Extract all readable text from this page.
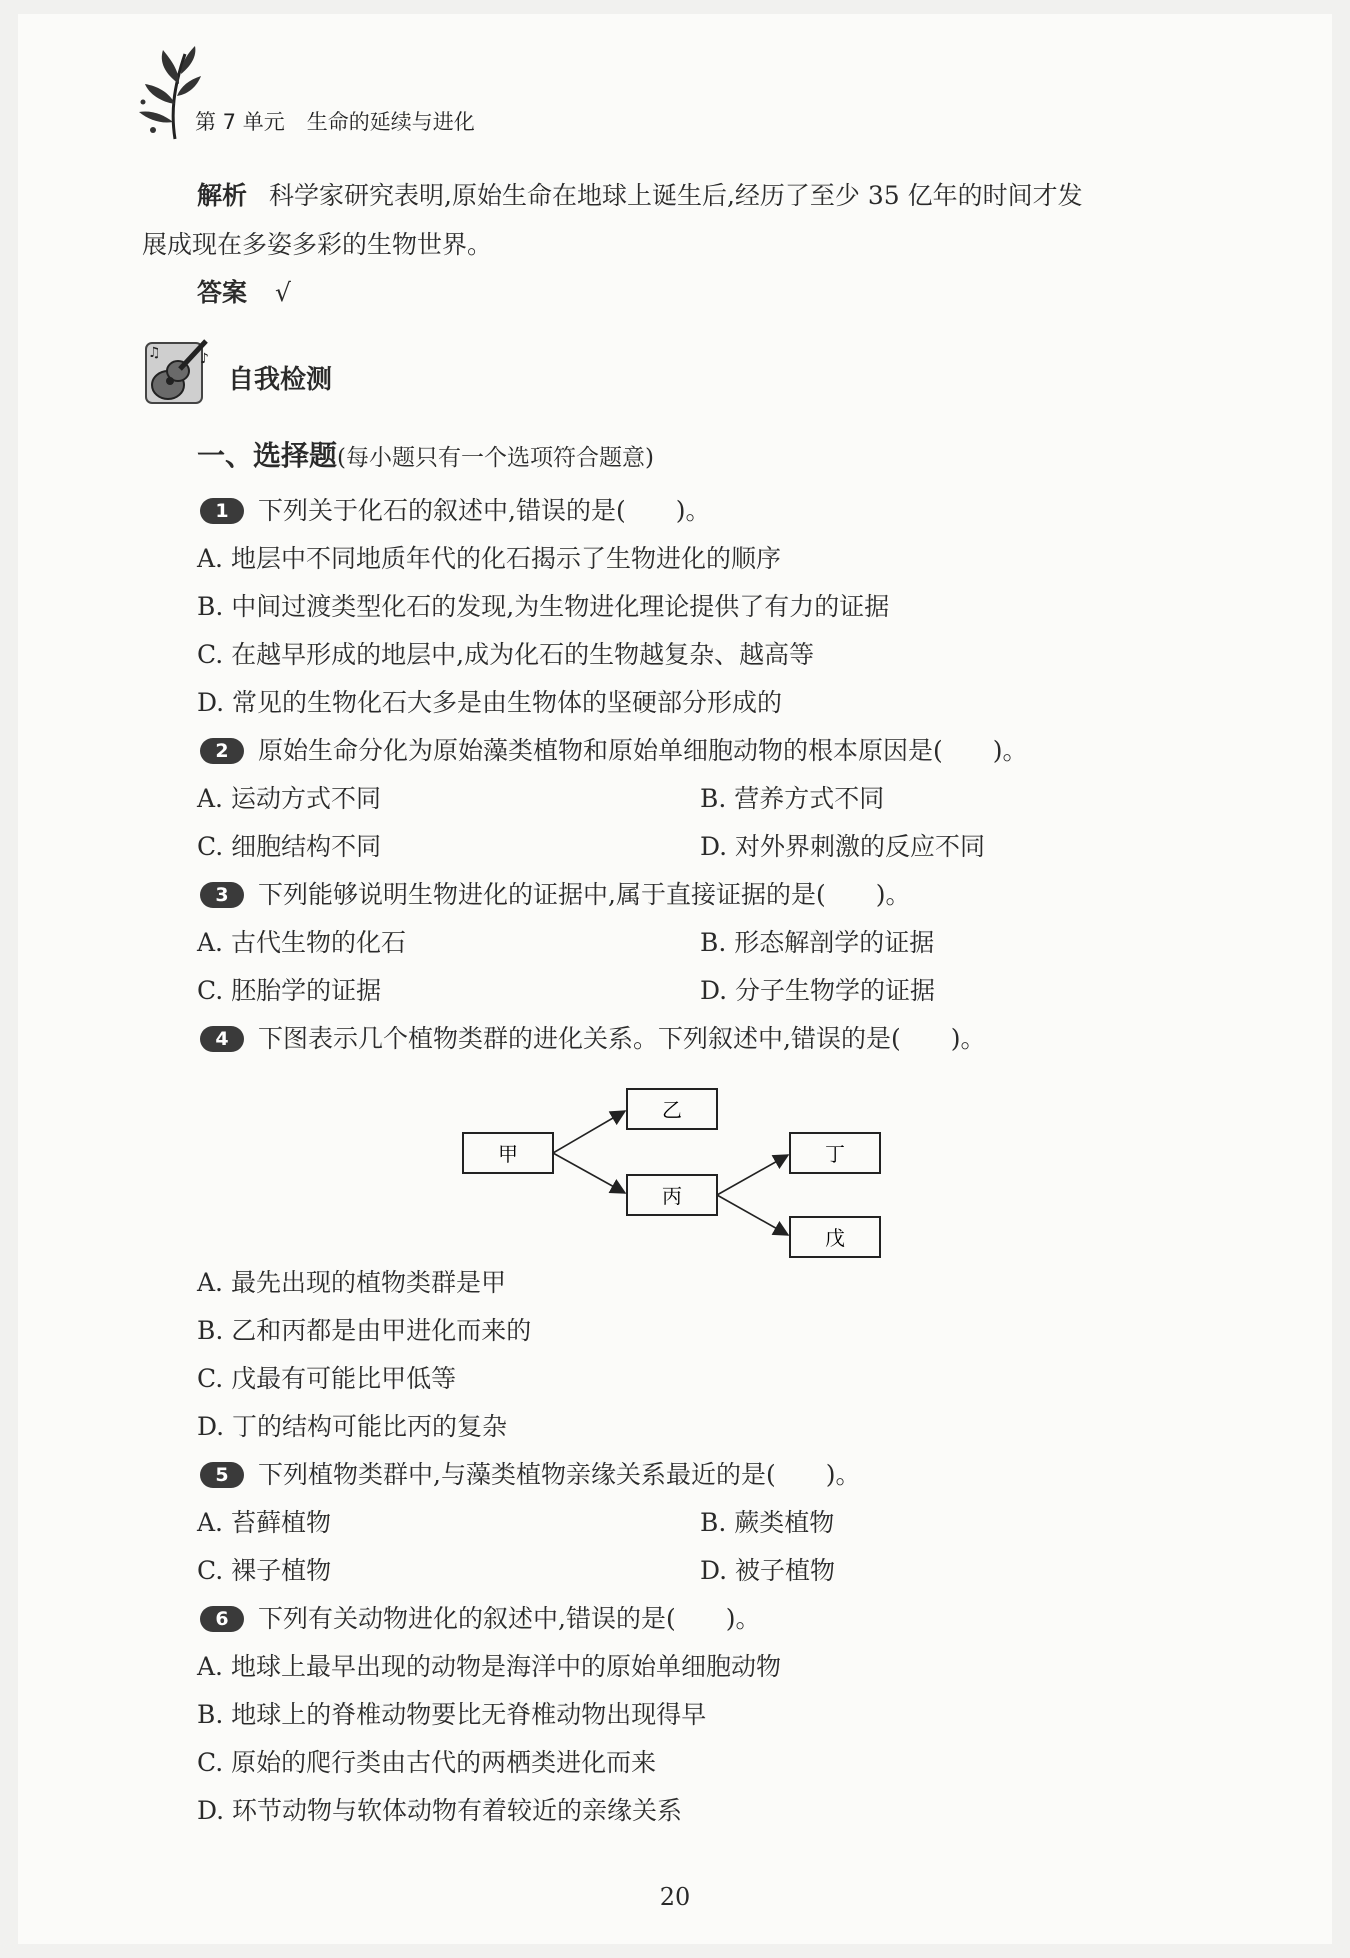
第 7 单元 生命的延续与进化
解析 科学家研究表明,原始生命在地球上诞生后,经历了至少 35 亿年的时间才发
展成现在多姿多彩的生物世界。
答案 √
♪
♫
自我检测
一、选择题(每小题只有一个选项符合题意)
1 下列关于化石的叙述中,错误的是(　　)。
A. 地层中不同地质年代的化石揭示了生物进化的顺序
B. 中间过渡类型化石的发现,为生物进化理论提供了有力的证据
C. 在越早形成的地层中,成为化石的生物越复杂、越高等
D. 常见的生物化石大多是由生物体的坚硬部分形成的
2 原始生命分化为原始藻类植物和原始单细胞动物的根本原因是(　　)。
A. 运动方式不同	B. 营养方式不同
C. 细胞结构不同	D. 对外界刺激的反应不同
3 下列能够说明生物进化的证据中,属于直接证据的是(　　)。
A. 古代生物的化石	B. 形态解剖学的证据
C. 胚胎学的证据	D. 分子生物学的证据
4 下图表示几个植物类群的进化关系。下列叙述中,错误的是(　　)。
甲
乙
丙
丁
戊
A. 最先出现的植物类群是甲
B. 乙和丙都是由甲进化而来的
C. 戊最有可能比甲低等
D. 丁的结构可能比丙的复杂
5 下列植物类群中,与藻类植物亲缘关系最近的是(　　)。
A. 苔藓植物	B. 蕨类植物
C. 裸子植物	D. 被子植物
6 下列有关动物进化的叙述中,错误的是(　　)。
A. 地球上最早出现的动物是海洋中的原始单细胞动物
B. 地球上的脊椎动物要比无脊椎动物出现得早
C. 原始的爬行类由古代的两栖类进化而来
D. 环节动物与软体动物有着较近的亲缘关系
20
